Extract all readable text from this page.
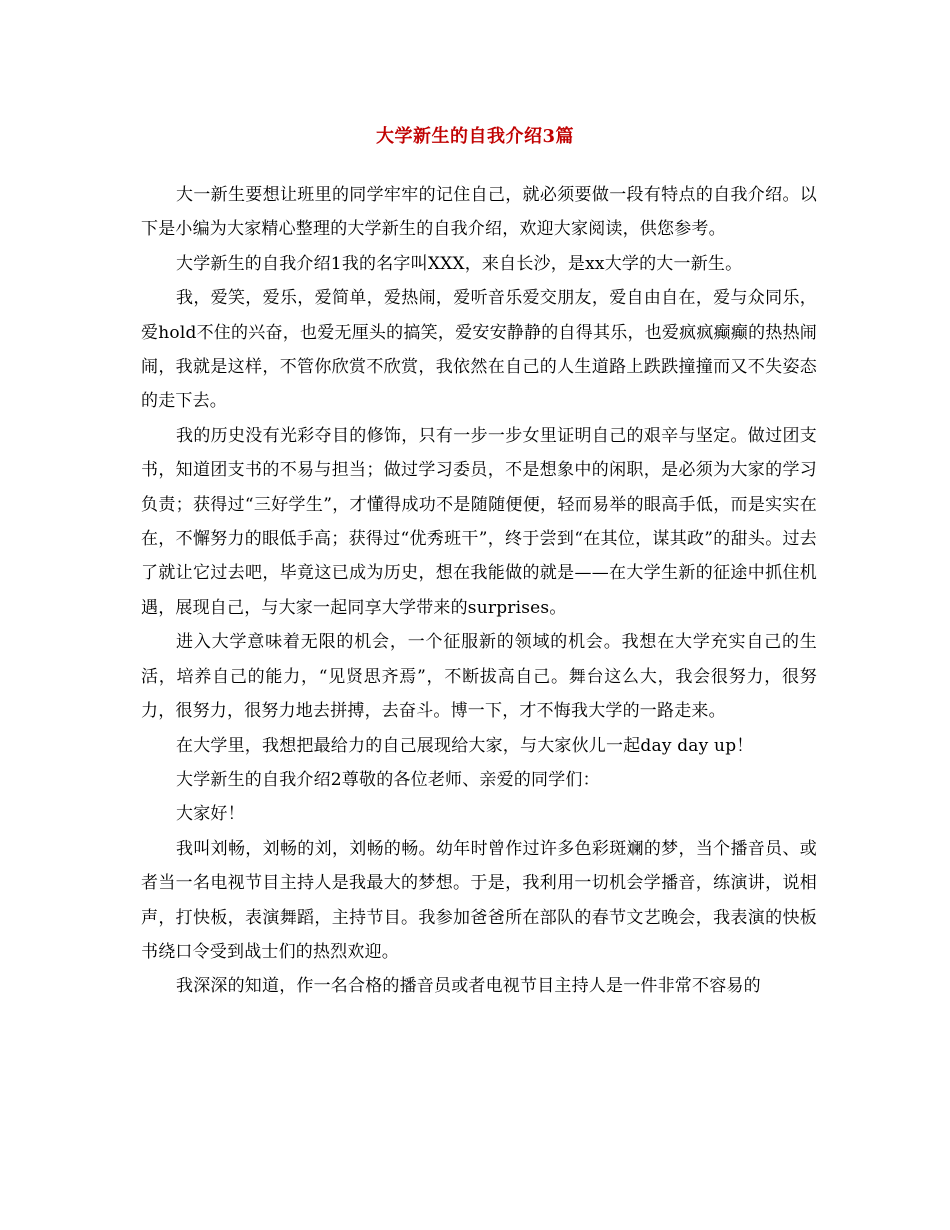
大学新生的自我介绍3篇

大一新生要想让班里的同学牢牢的记住自己，就必须要做一段有特点的自我介绍。以下是小编为大家精心整理的大学新生的自我介绍，欢迎大家阅读，供您参考。

大学新生的自我介绍1我的名字叫XXX，来自长沙，是xx大学的大一新生。

我，爱笑，爱乐，爱简单，爱热闹，爱听音乐爱交朋友，爱自由自在，爱与众同乐，爱hold不住的兴奋，也爱无厘头的搞笑，爱安安静静的自得其乐，也爱疯疯癫癫的热热闹闹，我就是这样，不管你欣赏不欣赏，我依然在自己的人生道路上跌跌撞撞而又不失姿态的走下去。

我的历史没有光彩夺目的修饰，只有一步一步女里证明自己的艰辛与坚定。做过团支书，知道团支书的不易与担当；做过学习委员，不是想象中的闲职，是必须为大家的学习负责；获得过“三好学生”，才懂得成功不是随随便便，轻而易举的眼高手低，而是实实在在，不懈努力的眼低手高；获得过“优秀班干”，终于尝到“在其位，谋其政”的甜头。过去了就让它过去吧，毕竟这已成为历史，想在我能做的就是——在大学生新的征途中抓住机遇，展现自己，与大家一起同享大学带来的surprises。

进入大学意味着无限的机会，一个征服新的领域的机会。我想在大学充实自己的生活，培养自己的能力，“见贤思齐焉”，不断拔高自己。舞台这么大，我会很努力，很努力，很努力，很努力地去拼搏，去奋斗。博一下，才不悔我大学的一路走来。

在大学里，我想把最给力的自己展现给大家，与大家伙儿一起day day up！

大学新生的自我介绍2尊敬的各位老师、亲爱的同学们：

大家好！

我叫刘畅，刘畅的刘，刘畅的畅。幼年时曾作过许多色彩斑斓的梦，当个播音员、或者当一名电视节目主持人是我最大的梦想。于是，我利用一切机会学播音，练演讲，说相声，打快板，表演舞蹈，主持节目。我参加爸爸所在部队的春节文艺晚会，我表演的快板书绕口令受到战士们的热烈欢迎。

我深深的知道，作一名合格的播音员或者电视节目主持人是一件非常不容易的
